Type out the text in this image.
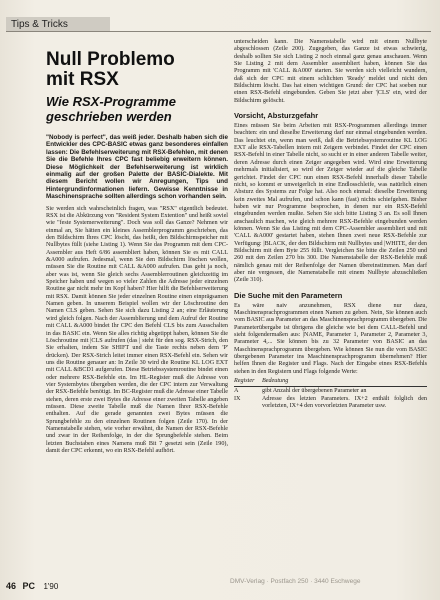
Tips & Tricks
Null Problemo
mit RSX
Wie RSX-Programme
geschrieben werden

"Nobody is perfect", das weiß jeder. Deshalb haben sich die Entwickler des CPC-BASIC etwas ganz besonderes einfallen lassen: Die Befehlserweiterung mit RSX-Befehlen, mit denen Sie die Befehle Ihres CPC fast beliebig erweitern können. Diese Möglichkeit der Befehlserweiterung ist wirklich einmalig auf der großen Palette der BASIC-Dialekte. Mit diesem Bericht wollen wir Anregungen, Tips und Hintergrundinformationen liefern. Gewisse Kenntnisse in Maschinensprache sollten allerdings schon vorhanden sein.

Sie werden sich wahrscheinlich fragen, was "RSX" eigentlich bedeutet. RSX ist die Abkürzung von "Resident System Extention" und heißt soviel wie "feste Systemerweiterung". Doch was soll das Ganze? Nehmen wir einmal an, Sie hätten ein kleines Assemblerprogramm geschrieben, das den Bildschirm Ihres CPC löscht, das heißt, den Bildschirmspeicher mit Nullbytes füllt (siehe Listing 1). Wenn Sie das Programm mit dem CPC-Assembler aus Heft 6/86 assembliert haben, können Sie es mit CALL &A000 aufrufen. Jedesmal, wenn Sie den Bildschirm löschen wollen, müssen Sie die Routine mit CALL &A000 aufrufen. Das geht ja noch, aber was ist, wenn Sie gleich sechs Assemblerroutinen gleichzeitig im Speicher haben und wegen so vieler Zahlen die Adresse jeder einzelnen Routine gar nicht mehr im Kopf haben? Hier hilft die Befehlserweiterung mit RSX. Damit können Sie jeder einzelnen Routine einen einprägsamen Namen geben. In unserem Beispiel wollen wir der Löschroutine den Namen CLS geben. Sehen Sie sich dazu Listing 2 an; eine Erläuterung wird gleich folgen. Nach der Assemblierung und dem Aufruf der Routine mit CALL &A000 bindet Ihr CPC den Befehl CLS bis zum Ausschalten in das BASIC ein. Wenn Sie alles richtig abgetippt haben, können Sie die Löschroutine mit |CLS aufrufen (das | steht für den sog. RSX-Strich, den Sie erhalten, indem Sie SHIFT und die Taste rechts neben dem 'P' drücken). Der RSX-Strich leitet immer einen RSX-Befehl ein. Sehen wir uns die Routine genauer an: In Zeile 30 wird die Routine KL LOG EXT mit CALL &BCD1 aufgerufen. Diese Betriebssystemroutine bindet einen oder mehrere RSX-Befehle ein. Im HL-Register muß die Adresse von vier Systembytes übergeben werden, die der CPC intern zur Verwaltung der RSX-Befehle benötigt. Im BC-Register muß die Adresse einer Tabelle stehen, deren erste zwei Bytes die Adresse einer zweiten Tabelle angeben müssen. Diese zweite Tabelle muß die Namen Ihrer RSX-Befehle enthalten. Auf die gerade genannten zwei Bytes müssen die Sprungbefehle zu den einzelnen Routinen folgen (Zeile 170). In der Namenstabelle stehen, wie vorher erwähnt, die Namen der RSX-Befehle und zwar in der Reihenfolge, in der die Sprungbefehle stehen. Beim letzten Buchstaben eines Namens muß Bit 7 gesetzt sein (Zeile 190), damit der CPC erkennt, wo ein RSX-Befehl aufhört.

unterscheiden kann. Die Namenstabelle wird mit einem Nullbyte abgeschlossen (Zeile 200). Zugegeben, das Ganze ist etwas schwierig, deshalb sollten Sie sich Listing 2 noch einmal ganz genau anschauen. Wenn Sie Listing 2 mit dem Assembler assembliert haben, können Sie das Programm mit 'CALL &A000' starten. Sie werden sich vielleicht wundern, daß sich der CPC mit einem schlichten 'Ready' meldet und nicht den Bildschirm löscht. Das hat einen wichtigen Grund: der CPC hat soeben nur einen RSX-Befehl eingebunden. Geben Sie jetzt aber '|CLS' ein, wird der Bildschirm gelöscht.

Vorsicht, Absturzgefahr

Eines müssen Sie beim Arbeiten mit RSX-Programmen allerdings immer beachten: ein und dieselbe Erweiterung darf nur einmal eingebunden werden. Das leuchtet ein, wenn man weiß, daß die Betriebssystemroutine KL LOG EXT alle RSX-Tabellen intern mit Zeigern verbindet. Findet der CPC einen RSX-Befehl in einer Tabelle nicht, so sucht er in einer anderen Tabelle weiter, deren Adresse durch einen Zeiger angegeben wird. Wird eine Erweiterung mehrmals initialisiert, so wird der Zeiger wieder auf die gleiche Tabelle gerichtet. Findet der CPC nun einen RSX-Befehl innerhalb dieser Tabelle nicht, so kommt er unweigerlich in eine Endlosschleife, was natürlich einen Absturz des Systems zur Folge hat. Also noch einmal: dieselbe Erweiterung kein zweites Mal aufrufen, und schon kann (fast) nichts schiefgehen. Bisher haben wir nur Programme besprochen, in denen nur ein RSX-Befehl eingebunden werden mußte. Sehen Sie sich bitte Listing 3 an. Es soll Ihnen anschaulich machen, wie gleich mehrere RSX-Befehle eingebunden werden können. Wenn Sie das Listing mit dem CPC-Assembler assembliert und mit 'CALL &A000' gestartet haben, stehen Ihnen zwei neue RSX-Befehle zur Verfügung: |BLACK, der den Bildschirm mit Nullbytes und |WHITE, der den Bildschirm mit dem Byte 255 füllt. Vergleichen Sie bitte die Zeilen 250 und 260 mit den Zeilen 270 bis 300. Die Namenstabelle der RSX-Befehle muß nämlich genau mit der Reihenfolge der Namen übereinstimmen. Man darf aber nie vergessen, die Namenstabelle mit einem Nullbyte abzuschließen (Zeile 310).

Die Suche mit den Parametern

Es wäre naiv anzunehmen, RSX diene nur dazu, Maschinensprachprogrammen einen Namen zu geben. Nein, Sie können auch vom BASIC aus Parameter an das Maschinensprachprogramm übergeben. Die Parameterübergabe ist übrigens die gleiche wie bei dem CALL-Befehl und sieht folgendermaßen aus: |NAME, Parameter 1, Parameter 2, Parameter 3, Parameter 4,... Sie können bis zu 32 Parameter von BASIC an das Maschinensprachprogramm übergeben. Wie können Sie nun die vom BASIC übergebenen Parameter ins Maschinensprachprogramm übernehmen? Hier helfen Ihnen die Register und Flags. Nach der Eingabe eines RSX-Befehls stehen in den Registern und Flags folgende Werte:

Register	Bedeutung
A	gibt Anzahl der übergebenen Parameter an
IX	Adresse des letzten Parameters. IX+2 enthält folglich den vorletzten, IX+4 den vorvorletzten Parameter usw.
46 PC 1'90
DMV-Verlag · Postfach 250 · 3440 Eschwege
